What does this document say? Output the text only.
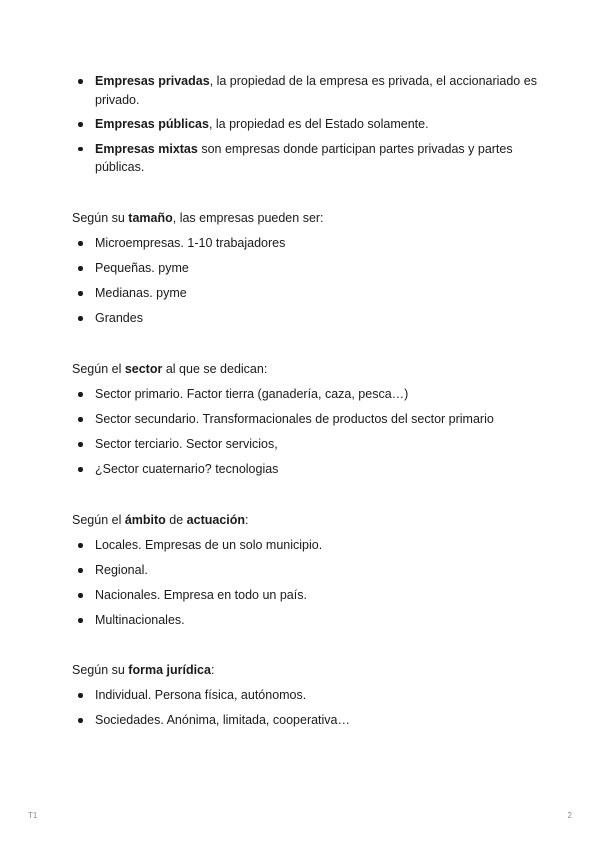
Empresas privadas, la propiedad de la empresa es privada, el accionariado es privado.
Empresas públicas, la propiedad es del Estado solamente.
Empresas mixtas son empresas donde participan partes privadas y partes públicas.
Según su tamaño, las empresas pueden ser:
Microempresas. 1-10 trabajadores
Pequeñas. pyme
Medianas. pyme
Grandes
Según el sector al que se dedican:
Sector primario. Factor tierra (ganadería, caza, pesca…)
Sector secundario. Transformacionales de productos del sector primario
Sector terciario. Sector servicios,
¿Sector cuaternario? tecnologias
Según el ámbito de actuación:
Locales. Empresas de un solo municipio.
Regional.
Nacionales. Empresa en todo un país.
Multinacionales.
Según su forma jurídica:
Individual. Persona física, autónomos.
Sociedades. Anónima, limitada, cooperativa…
T1	2
